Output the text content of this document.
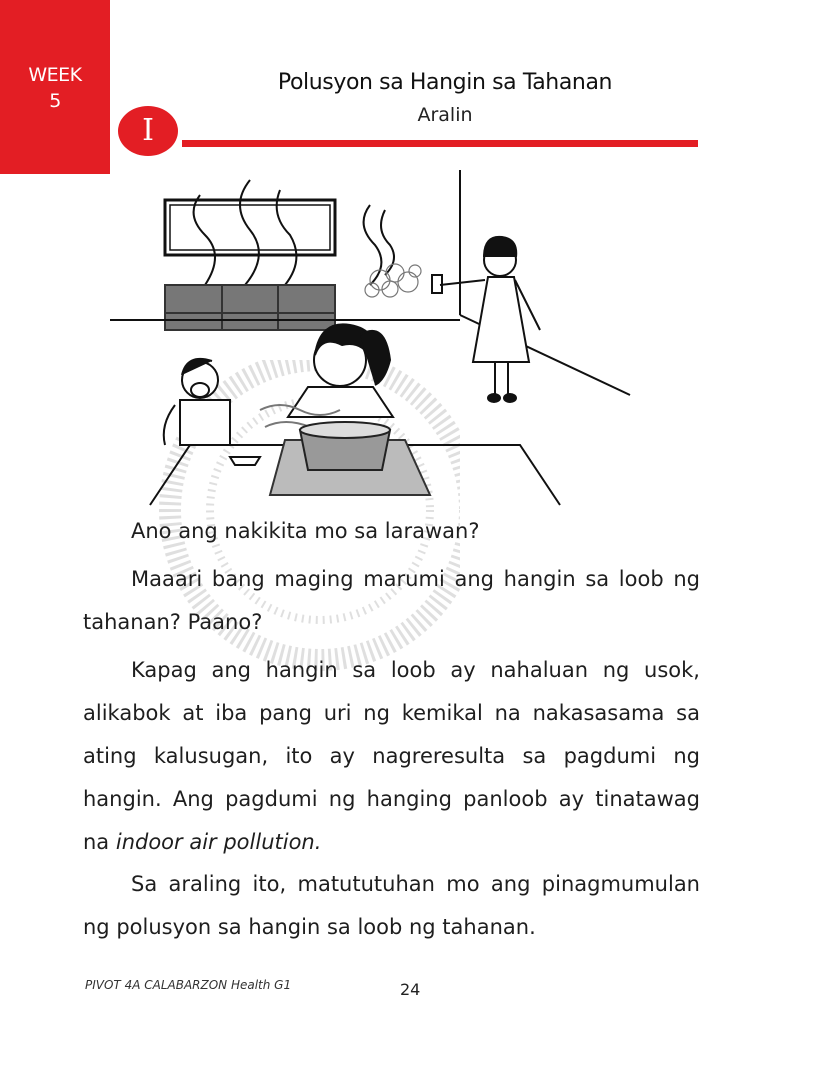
WEEK
5
Polusyon sa Hangin sa Tahanan
Aralin
I
Ano ang nakikita mo sa larawan?
Maaari bang maging marumi ang hangin sa loob ng tahanan? Paano?
Kapag ang hangin sa loob ay nahaluan ng usok, alikabok at iba pang uri ng kemikal na nakasasama sa ating kalusugan, ito ay nagreresulta sa pagdumi ng hangin. Ang pagdumi ng hanging panloob ay tinatawag na indoor air pollution.
Sa araling ito, matututuhan mo ang pinagmumulan ng polusyon sa hangin sa loob ng tahanan.
PIVOT 4A CALABARZON Health G1	24
